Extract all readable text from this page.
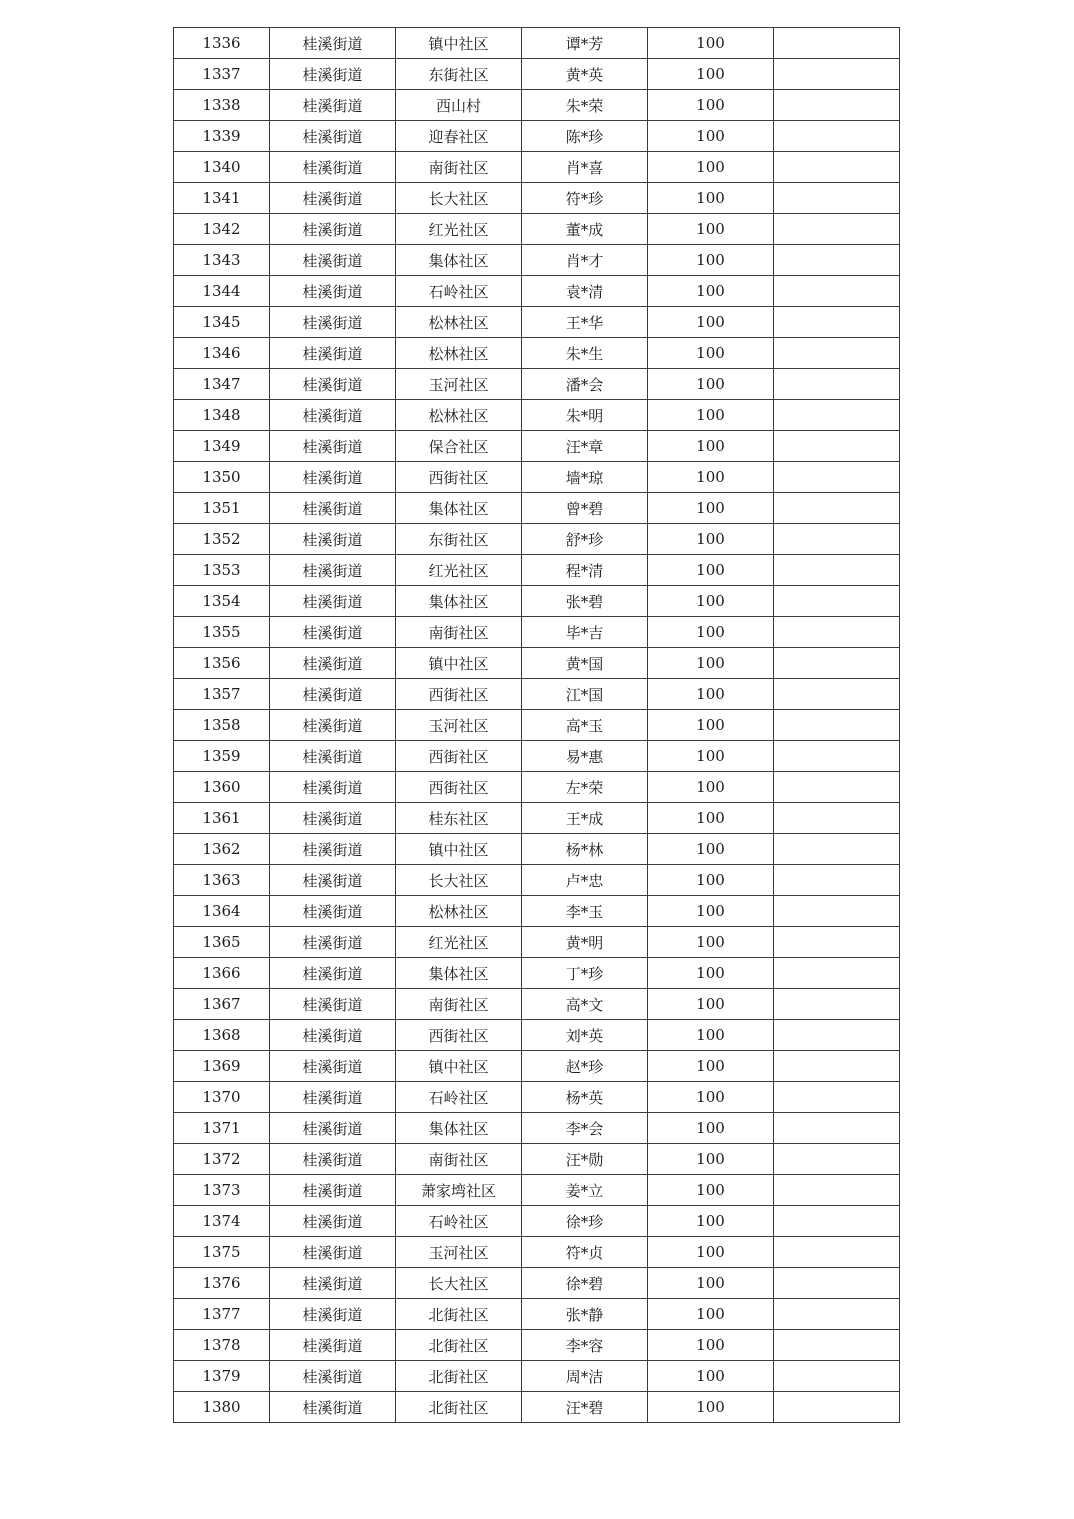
1336	桂溪街道	镇中社区	谭*芳	100	
1337	桂溪街道	东街社区	黄*英	100	
1338	桂溪街道	西山村	朱*荣	100	
1339	桂溪街道	迎春社区	陈*珍	100	
1340	桂溪街道	南街社区	肖*喜	100	
1341	桂溪街道	长大社区	符*珍	100	
1342	桂溪街道	红光社区	董*成	100	
1343	桂溪街道	集体社区	肖*才	100	
1344	桂溪街道	石岭社区	袁*清	100	
1345	桂溪街道	松林社区	王*华	100	
1346	桂溪街道	松林社区	朱*生	100	
1347	桂溪街道	玉河社区	潘*会	100	
1348	桂溪街道	松林社区	朱*明	100	
1349	桂溪街道	保合社区	汪*章	100	
1350	桂溪街道	西街社区	墙*琼	100	
1351	桂溪街道	集体社区	曾*碧	100	
1352	桂溪街道	东街社区	舒*珍	100	
1353	桂溪街道	红光社区	程*清	100	
1354	桂溪街道	集体社区	张*碧	100	
1355	桂溪街道	南街社区	毕*吉	100	
1356	桂溪街道	镇中社区	黄*国	100	
1357	桂溪街道	西街社区	江*国	100	
1358	桂溪街道	玉河社区	高*玉	100	
1359	桂溪街道	西街社区	易*惠	100	
1360	桂溪街道	西街社区	左*荣	100	
1361	桂溪街道	桂东社区	王*成	100	
1362	桂溪街道	镇中社区	杨*林	100	
1363	桂溪街道	长大社区	卢*忠	100	
1364	桂溪街道	松林社区	李*玉	100	
1365	桂溪街道	红光社区	黄*明	100	
1366	桂溪街道	集体社区	丁*珍	100	
1367	桂溪街道	南街社区	高*文	100	
1368	桂溪街道	西街社区	刘*英	100	
1369	桂溪街道	镇中社区	赵*珍	100	
1370	桂溪街道	石岭社区	杨*英	100	
1371	桂溪街道	集体社区	李*会	100	
1372	桂溪街道	南街社区	汪*勋	100	
1373	桂溪街道	萧家塆社区	姜*立	100	
1374	桂溪街道	石岭社区	徐*珍	100	
1375	桂溪街道	玉河社区	符*贞	100	
1376	桂溪街道	长大社区	徐*碧	100	
1377	桂溪街道	北街社区	张*静	100	
1378	桂溪街道	北街社区	李*容	100	
1379	桂溪街道	北街社区	周*洁	100	
1380	桂溪街道	北街社区	汪*碧	100	
